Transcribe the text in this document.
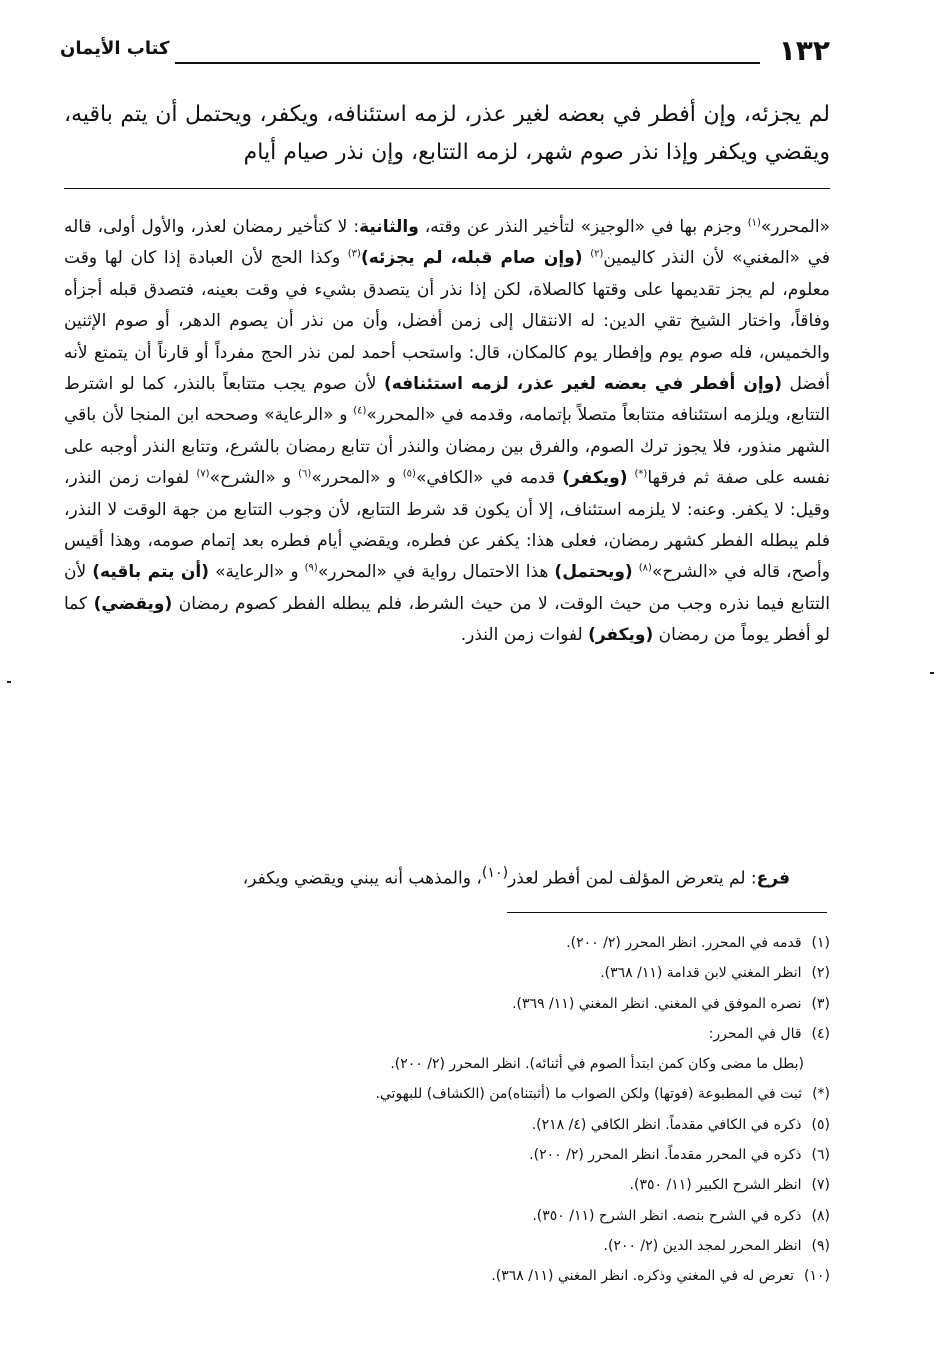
١٣٢
كتاب الأيمان

لم يجزئه، وإن أفطر في بعضه لغير عذر، لزمه استئنافه، ويكفر، ويحتمل أن يتم باقيه، ويقضي ويكفر وإذا نذر صوم شهر، لزمه التتابع، وإن نذر صيام أيام

«المحرر»$^{(١)}$ وجزم بها في «الوجيز» لتأخير النذر عن وقته، والثانية: لا كتأخير رمضان لعذر، والأول أولى، قاله في «المغني» لأن النذر كاليمين$^{(٢)}$ (وإن صام قبله، لم يجزئه)$^{(٣)}$ وكذا الحج لأن العبادة إذا كان لها وقت معلوم، لم يجز تقديمها على وقتها كالصلاة، لكن إذا نذر أن يتصدق بشيء في وقت بعينه، فتصدق قبله أجزأه وفاقاً، واختار الشيخ تقي الدين: له الانتقال إلى زمن أفضل، وأن من نذر أن يصوم الدهر، أو صوم الإثنين والخميس، فله صوم يوم وإفطار يوم كالمكان، قال: واستحب أحمد لمن نذر الحج مفرداً أو قارناً أن يتمتع لأنه أفضل (وإن أفطر في بعضه لغير عذر، لزمه استئنافه) لأن صوم يجب متتابعاً بالنذر، كما لو اشترط التتابع، ويلزمه استئنافه متتابعاً متصلاً بإتمامه، وقدمه في «المحرر»$^{(٤)}$ و «الرعاية» وصححه ابن المنجا لأن باقي الشهر منذور، فلا يجوز ترك الصوم، والفرق بين رمضان والنذر أن تتابع رمضان بالشرع، وتتابع النذر أوجبه على نفسه على صفة ثم فرقها(*) (ويكفر) قدمه في «الكافي»$^{(٥)}$ و «المحرر»$^{(٦)}$ و «الشرح»$^{(٧)}$ لفوات زمن النذر، وقيل: لا يكفر. وعنه: لا يلزمه استئناف، إلا أن يكون قد شرط التتابع، لأن وجوب التتابع من جهة الوقت لا النذر، فلم يبطله الفطر كشهر رمضان، فعلى هذا: يكفر عن فطره، ويقضي أيام فطره بعد إتمام صومه، وهذا أقيس وأصح، قاله في «الشرح»$^{(٨)}$ (ويحتمل) هذا الاحتمال رواية في «المحرر»$^{(٩)}$ و «الرعاية» (أن يتم باقيه) لأن التتابع فيما نذره وجب من حيث الوقت، لا من حيث الشرط، فلم يبطله الفطر كصوم رمضان (ويقضي) كما لو أفطر يوماً من رمضان (ويكفر) لفوات زمن النذر.

فرع: لم يتعرض المؤلف لمن أفطر لعذر$^{(١٠)}$، والمذهب أنه يبني ويقضي ويكفر،

(١)قدمه في المحرر. انظر المحرر (٢/ ٢٠٠).
(٢)انظر المغني لابن قدامة (١١/ ٣٦٨).
(٣)نصره الموفق في المغني. انظر المغني (١١/ ٣٦٩).
(٤)قال في المحرر:
(بطل ما مضى وكان كمن ابتدأ الصوم في أثنائه). انظر المحرر (٢/ ٢٠٠).
(*)ثبت في المطبوعة (فوتها) ولكن الصواب ما (أثبتناه)من (الكشاف) للبهوتي.
(٥)ذكره في الكافي مقدماً. انظر الكافي (٤/ ٢١٨).
(٦)ذكره في المحرر مقدماً. انظر المحرر (٢/ ٢٠٠).
(٧)انظر الشرح الكبير (١١/ ٣٥٠).
(٨)ذكره في الشرح بنصه. انظر الشرح (١١/ ٣٥٠).
(٩)انظر المحرر لمجد الدين (٢/ ٢٠٠).
(١٠)تعرض له في المغني وذكره. انظر المغني (١١/ ٣٦٨).
